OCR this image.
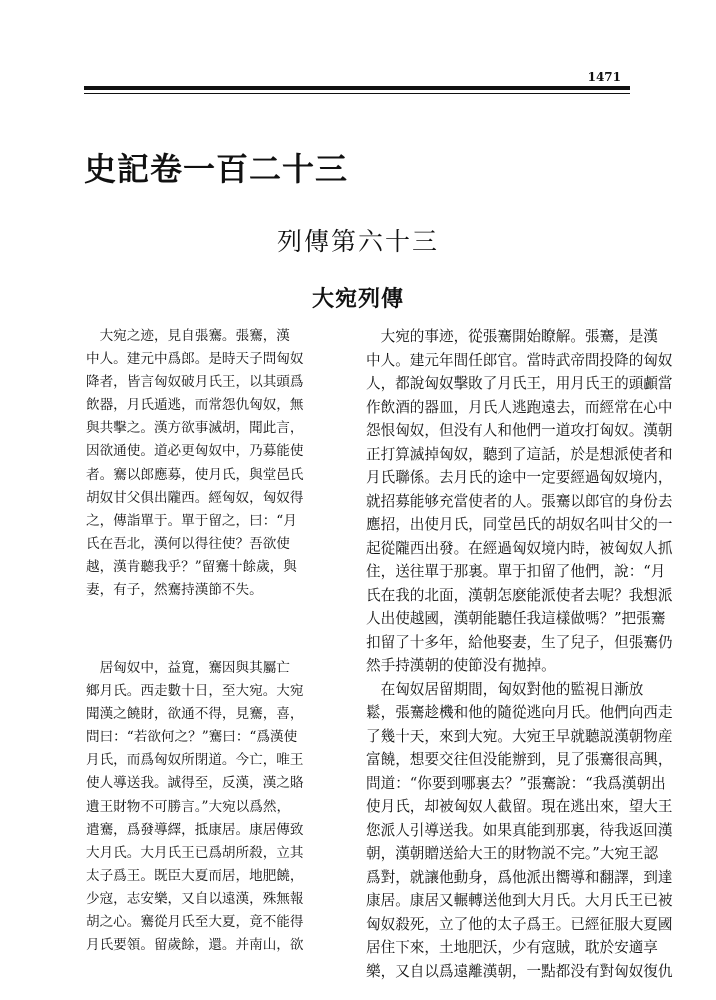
1471
史記卷一百二十三
列傳第六十三
大宛列傳
　大宛之迹，見自張騫。張騫，漢
中人。建元中爲郎。是時天子問匈奴
降者，皆言匈奴破月氏王，以其頭爲
飲器，月氏遁逃，而常怨仇匈奴，無
與共擊之。漢方欲事滅胡，聞此言，
因欲通使。道必更匈奴中，乃募能使
者。騫以郎應募，使月氏，與堂邑氏
胡奴甘父俱出隴西。經匈奴，匈奴得
之，傳詣單于。單于留之，曰：“月
氏在吾北，漢何以得往使？吾欲使
越，漢肯聽我乎？”留騫十餘歲，與
妻，有子，然騫持漢節不失。
　居匈奴中，益寬，騫因與其屬亡
鄉月氏。西走數十日，至大宛。大宛
聞漢之饒財，欲通不得，見騫，喜，
問曰：“若欲何之？”騫曰：“爲漢使
月氏，而爲匈奴所閉道。今亡，唯王
使人導送我。誠得至，反漢，漢之賂
遺王財物不可勝言。”大宛以爲然，
遣騫，爲發導繹，抵康居。康居傳致
大月氏。大月氏王已爲胡所殺，立其
太子爲王。既臣大夏而居，地肥饒，
少寇，志安樂，又自以遠漢，殊無報
胡之心。騫從月氏至大夏，竟不能得
月氏要領。留歲餘，還。并南山，欲
　大宛的事迹，從張騫開始瞭解。張騫，是漢
中人。建元年間任郎官。當時武帝問投降的匈奴
人，都說匈奴擊敗了月氏王，用月氏王的頭顱當
作飲酒的器皿，月氏人逃跑遠去，而經常在心中
怨恨匈奴，但没有人和他們一道攻打匈奴。漢朝
正打算滅掉匈奴，聽到了這話，於是想派使者和
月氏聯係。去月氏的途中一定要經過匈奴境内，
就招募能够充當使者的人。張騫以郎官的身份去
應招，出使月氏，同堂邑氏的胡奴名叫甘父的一
起從隴西出發。在經過匈奴境内時，被匈奴人抓
住，送往單于那裏。單于扣留了他們，說：“月
氏在我的北面，漢朝怎麽能派使者去呢？我想派
人出使越國，漢朝能聽任我這樣做嗎？”把張騫
扣留了十多年，給他娶妻，生了兒子，但張騫仍
然手持漢朝的使節没有拋掉。
　在匈奴居留期間，匈奴對他的監視日漸放
鬆，張騫趁機和他的隨從逃向月氏。他們向西走
了幾十天，來到大宛。大宛王早就聽説漢朝物産
富饒，想要交往但没能辦到，見了張騫很高興，
問道：“你要到哪裏去？”張騫說：“我爲漢朝出
使月氏，却被匈奴人截留。現在逃出來，望大王
您派人引導送我。如果真能到那裏，待我返回漢
朝，漢朝贈送給大王的財物説不完。”大宛王認
爲對，就讓他動身，爲他派出嚮導和翻譯，到達
康居。康居又輾轉送他到大月氏。大月氏王已被
匈奴殺死，立了他的太子爲王。已經征服大夏國
居住下來，土地肥沃，少有寇賊，耽於安適享
樂，又自以爲遠離漢朝，一點都没有對匈奴復仇
